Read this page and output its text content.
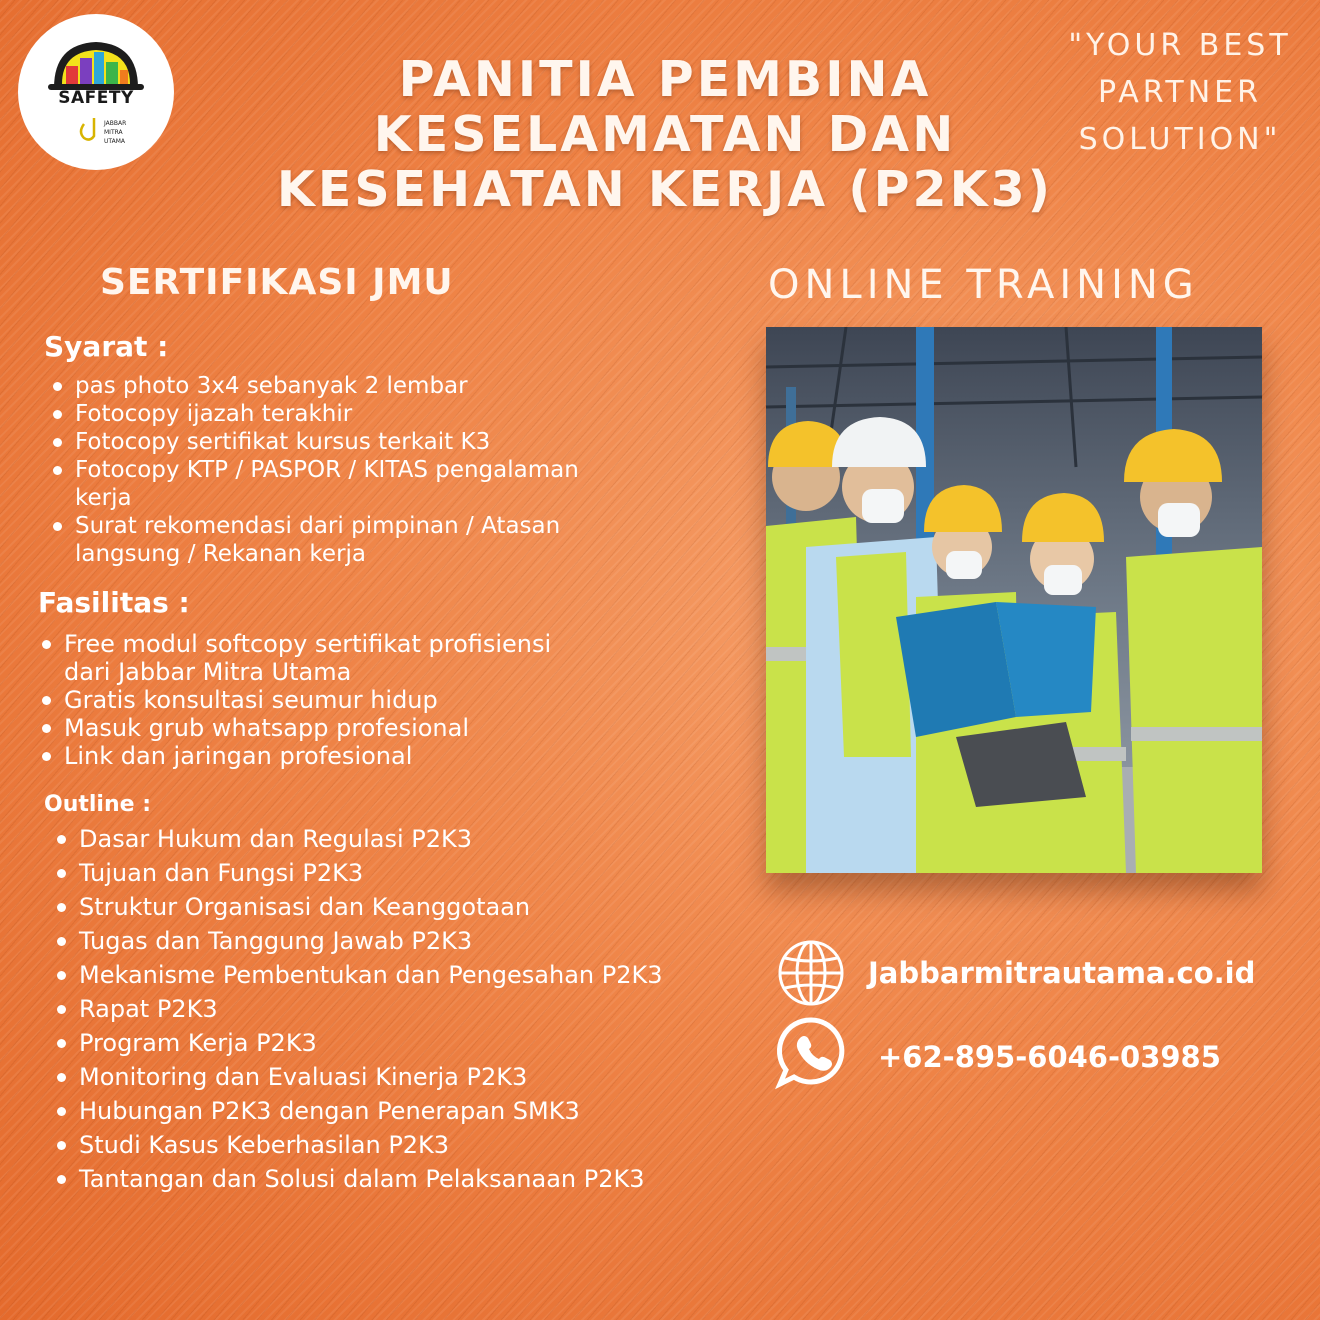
SAFETY
JABBAR
MITRA
UTAMA
PANITIA PEMBINA
KESELAMATAN DAN
KESEHATAN KERJA (P2K3)
"YOUR BEST
PARTNER
SOLUTION"
SERTIFIKASI JMU	ONLINE TRAINING
Syarat :
pas photo 3x4 sebanyak 2 lembar
Fotocopy ijazah terakhir
Fotocopy sertifikat kursus terkait K3
Fotocopy KTP / PASPOR / KITAS pengalaman kerja
Surat rekomendasi dari pimpinan / Atasan langsung / Rekanan kerja
Fasilitas :
Free modul softcopy sertifikat profisiensi dari Jabbar Mitra Utama
Gratis konsultasi seumur hidup
Masuk grub whatsapp profesional
Link dan jaringan profesional
Outline :
Dasar Hukum dan Regulasi P2K3
Tujuan dan Fungsi P2K3
Struktur Organisasi dan Keanggotaan
Tugas dan Tanggung Jawab P2K3
Mekanisme Pembentukan dan Pengesahan P2K3
Rapat P2K3
Program Kerja P2K3
Monitoring dan Evaluasi Kinerja P2K3
Hubungan P2K3 dengan Penerapan SMK3
Studi Kasus Keberhasilan P2K3
Tantangan dan Solusi dalam Pelaksanaan P2K3
Jabbarmitrautama.co.id
+62-895-6046-03985
